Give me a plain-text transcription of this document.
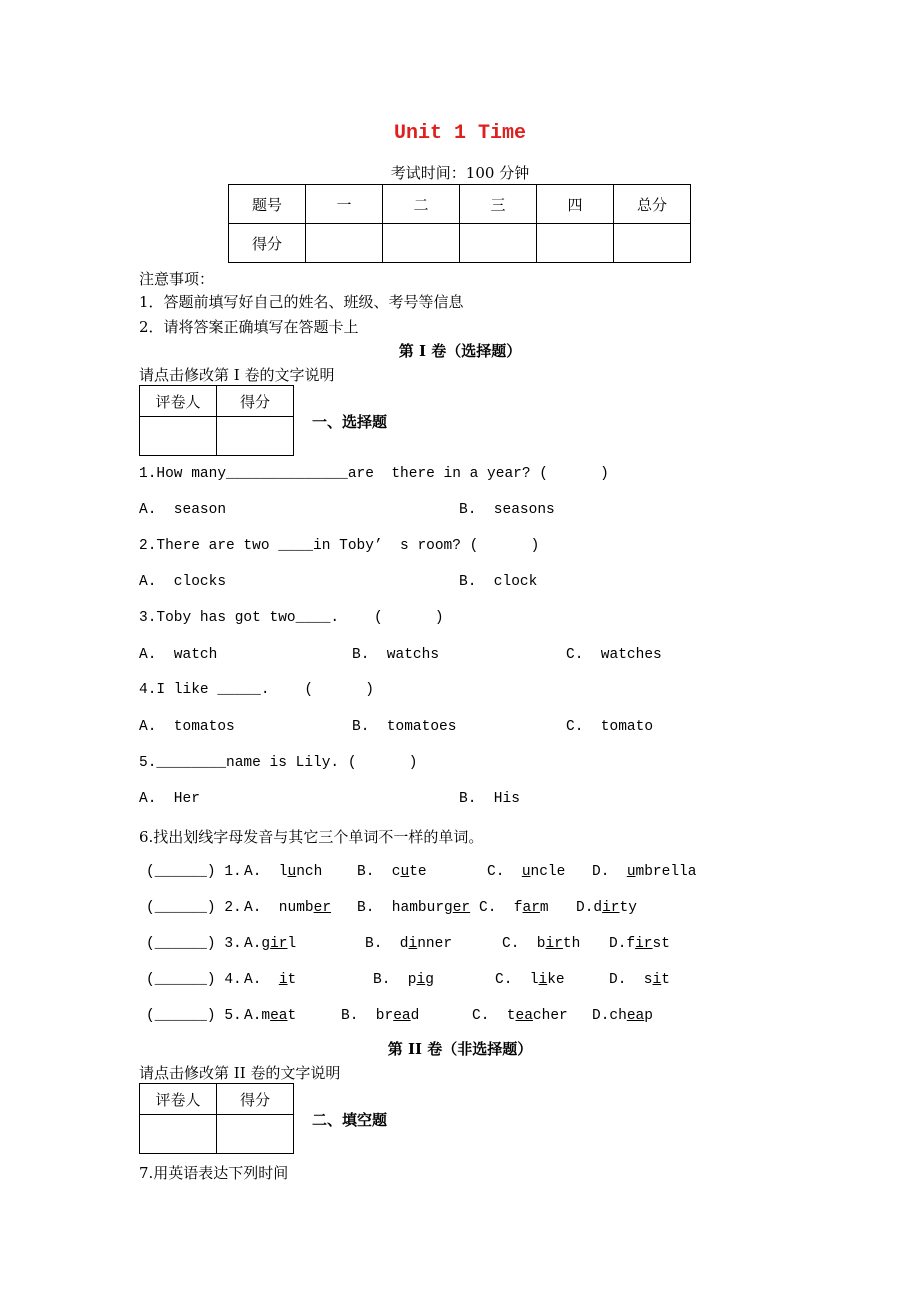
Unit 1 Time
考试时间：100 分钟
题号	一	二	三	四	总分
得分					
注意事项：
1．答题前填写好自己的姓名、班级、考号等信息
2．请将答案正确填写在答题卡上
第 I 卷（选择题）
请点击修改第 I 卷的文字说明
评卷人	得分

一、选择题
1.How many______________are  there in a year? (      )
A.  season	B.  seasons
2.There are two ____in Toby’  s room? (      )
A.  clocks	B.  clock
3.Toby has got two____.    (      )
A.  watch	B.  watchs	C.  watches
4.I like _____.    (      )
A.  tomatos	B.  tomatoes	C.  tomato
5.________name is Lily. (      )
A.  Her	B.  His
6.找出划线字母发音与其它三个单词不一样的单词。
(______) 1. A.  lunch B.  cute	C.  uncle D.  umbrella
(______) 2. A.  number B.  hamburger C.  farm D.dirty
(______) 3. A.girl	B.  dinner	C.  birth D.first
(______) 4. A.  it	B.  pig	C.  like	D.  sit
(______) 5. A.meat	B.  bread	C.  teacher D.cheap
第 II 卷（非选择题）
请点击修改第 II 卷的文字说明
评卷人	得分

二、填空题
7.用英语表达下列时间
